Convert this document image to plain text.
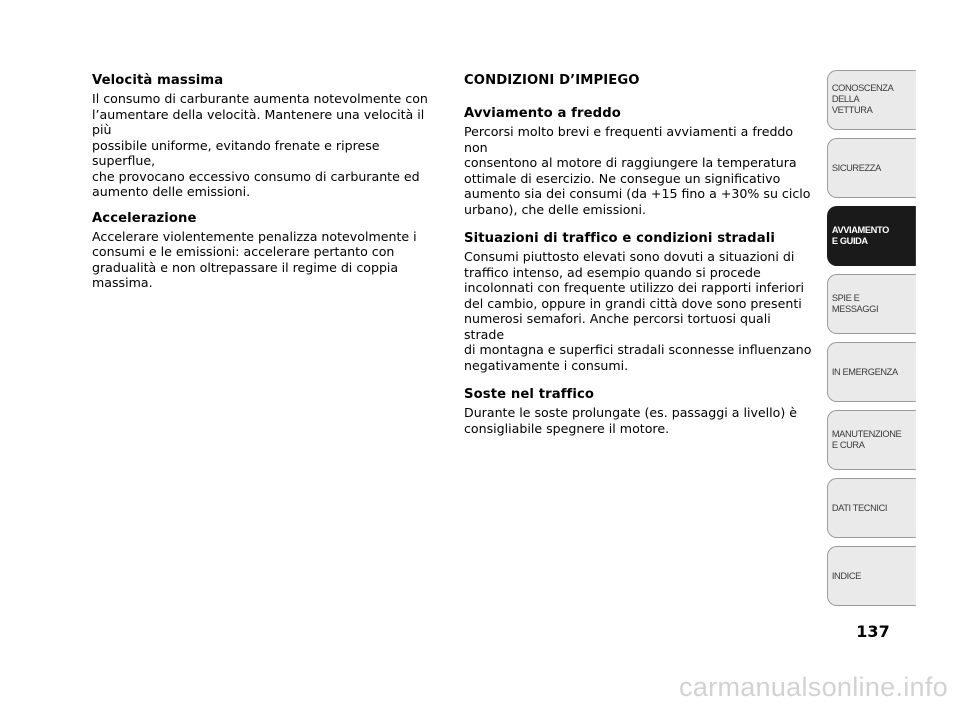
Velocità massima

Il consumo di carburante aumenta notevolmente con
l’aumentare della velocità. Mantenere una velocità il più
possibile uniforme, evitando frenate e riprese superflue,
che provocano eccessivo consumo di carburante ed
aumento delle emissioni.

Accelerazione

Accelerare violentemente penalizza notevolmente i
consumi e le emissioni: accelerare pertanto con
gradualità e non oltrepassare il regime di coppia
massima.

CONDIZIONI D’IMPIEGO
Avviamento a freddo

Percorsi molto brevi e frequenti avviamenti a freddo non
consentono al motore di raggiungere la temperatura
ottimale di esercizio. Ne consegue un significativo
aumento sia dei consumi (da +15 fino a +30% su ciclo
urbano), che delle emissioni.

Situazioni di traffico e condizioni stradali

Consumi piuttosto elevati sono dovuti a situazioni di
traffico intenso, ad esempio quando si procede
incolonnati con frequente utilizzo dei rapporti inferiori
del cambio, oppure in grandi città dove sono presenti
numerosi semafori. Anche percorsi tortuosi quali strade
di montagna e superfici stradali sconnesse influenzano
negativamente i consumi.

Soste nel traffico

Durante le soste prolungate (es. passaggi a livello) è
consigliabile spegnere il motore.

CONOSCENZA
DELLA
VETTURA
SICUREZZA
AVVIAMENTO
E GUIDA
SPIE E
MESSAGGI
IN EMERGENZA
MANUTENZIONE
E CURA
DATI TECNICI
INDICE
137
carmanualsonline.info
